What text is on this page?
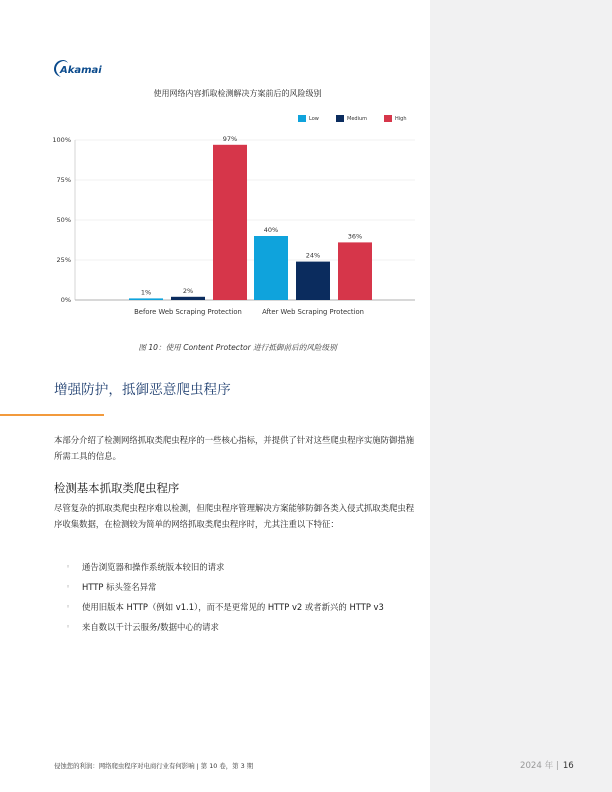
Akamai
使用网络内容抓取检测解决方案前后的风险级别
Low	Medium	High
0%
25%
50%
75%
100%
1%	2%
97%
Before Web Scraping Protection
40%
24%
36%
After Web Scraping Protection
图 10：使用 Content Protector 进行抵御前后的风险级别
增强防护，抵御恶意爬虫程序
本部分介绍了检测网络抓取类爬虫程序的一些核心指标，并提供了针对这些爬虫程序实施防御措施所需工具的信息。
检测基本抓取类爬虫程序
尽管复杂的抓取类爬虫程序难以检测，但爬虫程序管理解决方案能够防御各类入侵式抓取类爬虫程序收集数据，在检测较为简单的网络抓取类爬虫程序时，尤其注重以下特征：
◦ 通告浏览器和操作系统版本较旧的请求
◦ HTTP 标头签名异常
◦ 使用旧版本 HTTP（例如 v1.1），而不是更常见的 HTTP v2 或者新兴的 HTTP v3
◦ 来自数以千计云服务/数据中心的请求
侵蚀您的利润：网络爬虫程序对电商行业有何影响 | 第 10 卷，第 3 期	2024 年 | 16
